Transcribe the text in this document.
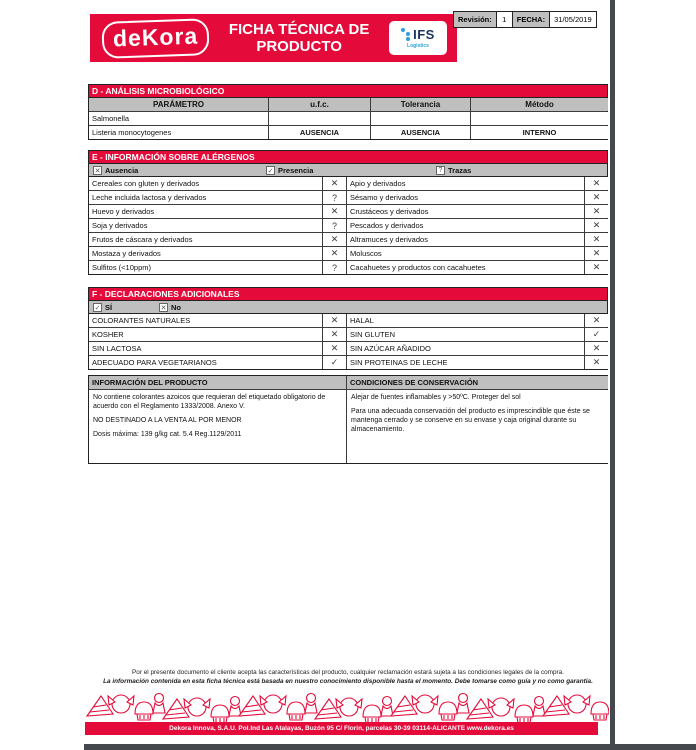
deKora	FICHA TÉCNICA DE
PRODUCTO
IFS
Logistics
Revisión:	1	FECHA:	31/05/2019
D - ANÁLISIS MICROBIOLÓGICO
PARÁMETRO	u.f.c.	Tolerancia	Método
Salmonella
Listeria monocytogenes	AUSENCIA	AUSENCIA	INTERNO
E - INFORMACIÓN SOBRE ALÉRGENOS
✕ Ausencia	✓ Presencia	? Trazas
Cereales con gluten y derivados	✕	Apio y derivados	✕
Leche incluida lactosa y derivados	?	Sésamo y derivados	✕
Huevo y derivados	✕	Crustáceos y derivados	✕
Soja y derivados	?	Pescados y derivados	✕
Frutos de cáscara y derivados	✕	Altramuces y derivados	✕
Mostaza y derivados	✕	Moluscos	✕
Sulfitos (<10ppm)	?	Cacahuetes y productos con cacahuetes	✕
F - DECLARACIONES ADICIONALES
✓ SÍ	✕ No
COLORANTES NATURALES	✕	HALAL	✕
KOSHER	✕	SIN GLUTEN	✓
SIN LACTOSA	✕	SIN AZÚCAR AÑADIDO	✕
ADECUADO PARA VEGETARIANOS	✓	SIN PROTEINAS DE LECHE	✕
INFORMACIÓN DEL PRODUCTO	CONDICIONES DE CONSERVACIÓN

No contiene colorantes azoicos que requieran del etiquetado obligatorio de acuerdo con el Reglamento 1333/2008. Anexo V.

NO DESTINADO A LA VENTA AL POR MENOR

Dosis máxima: 139 g/kg cat. 5.4 Reg.1129/2011

Alejar de fuentes inflamables y >50ºC. Proteger del sol

Para una adecuada conservación del producto es imprescindible que éste se mantenga cerrado y se conserve en su envase y caja original durante su almacenamiento.

Por el presente documento el cliente acepta las características del producto, cualquier reclamación estará sujeta a las condiciones legales de la compra.
La información contenida en esta ficha técnica está basada en nuestro conocimiento disponible hasta el momento. Debe tomarse como guía y no como garantía.
Dekora Innova, S.A.U. Pol.Ind Las Atalayas, Buzón 95 C/ Florin, parcelas 30-39 03114-ALICANTE www.dekora.es
